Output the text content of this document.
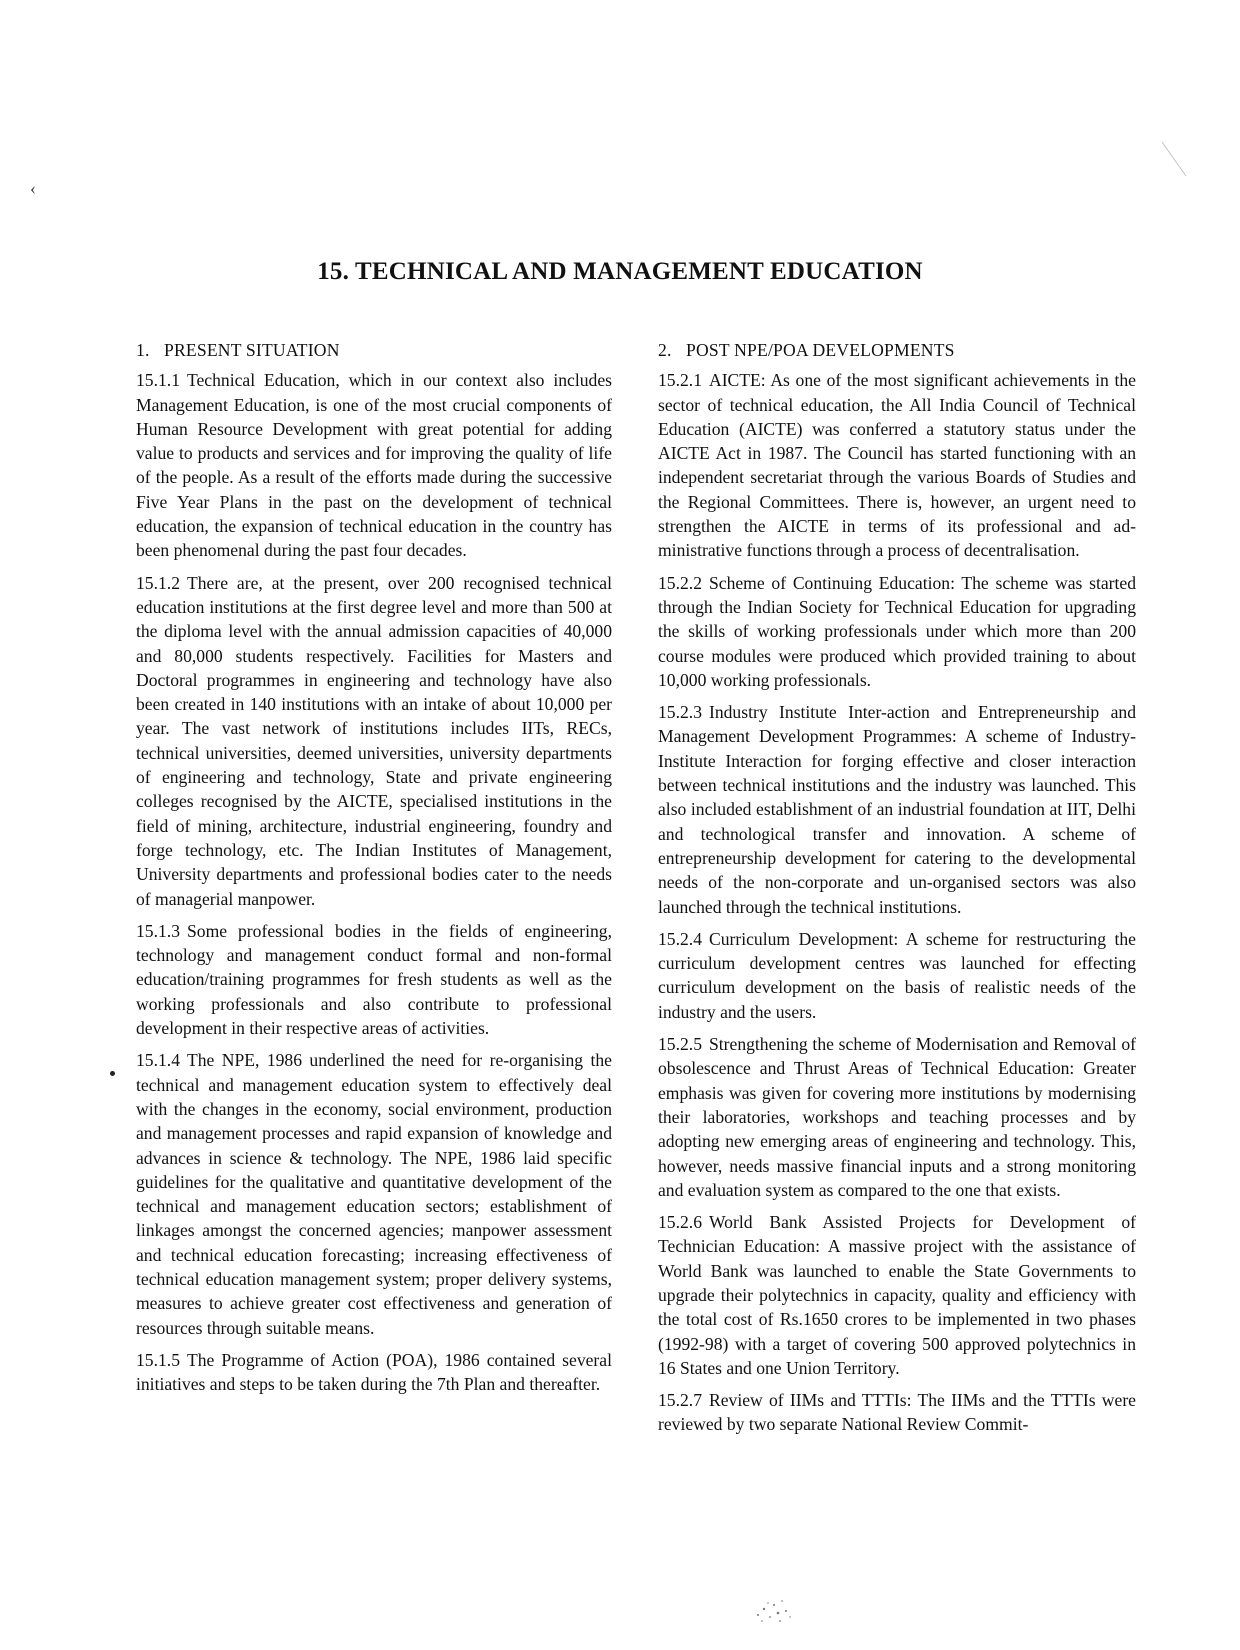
‹
15. TECHNICAL AND MANAGEMENT EDUCATION
1. PRESENT SITUATION

15.1.1 Technical Education, which in our context also includes Management Education, is one of the most crucial components of Human Resource Development with great potential for adding value to products and services and for improving the quality of life of the people. As a result of the efforts made during the successive Five Year Plans in the past on the development of technical education, the expansion of technical education in the country has been phenomenal during the past four decades.

15.1.2 There are, at the present, over 200 recognised technical education institutions at the first degree level and more than 500 at the diploma level with the annual admission capacities of 40,000 and 80,000 students respectively. Facilities for Masters and Doctoral programmes in engineering and technology have also been created in 140 institutions with an intake of about 10,000 per year. The vast network of institutions includes IITs, RECs, technical universities, deemed universities, university departments of engineering and technology, State and private engineering colleges recognised by the AICTE, specialised institutions in the field of mining, architecture, industrial engineering, foundry and forge technology, etc. The Indian Institutes of Management, University departments and professional bodies cater to the needs of managerial manpower.

15.1.3 Some professional bodies in the fields of engineering, technology and management conduct formal and non-formal education/training programmes for fresh students as well as the working professionals and also contribute to professional development in their respective areas of activities.

15.1.4 The NPE, 1986 underlined the need for re-organising the technical and management education system to effectively deal with the changes in the economy, social environment, production and management processes and rapid expansion of knowledge and advances in science & technology. The NPE, 1986 laid specific guidelines for the qualitative and quantitative development of the technical and management education sectors; establishment of linkages amongst the concerned agencies; manpower assessment and technical education forecasting; increasing effectiveness of technical education management system; proper delivery systems, measures to achieve greater cost effectiveness and generation of resources through suitable means.

15.1.5 The Programme of Action (POA), 1986 contained several initiatives and steps to be taken during the 7th Plan and thereafter.

2. POST NPE/POA DEVELOPMENTS

15.2.1 AICTE: As one of the most significant achievements in the sector of technical education, the All India Council of Technical Education (AICTE) was conferred a statutory status under the AICTE Act in 1987. The Council has started functioning with an independent secretariat through the various Boards of Studies and the Regional Committees. There is, however, an urgent need to strengthen the AICTE in terms of its professional and administrative functions through a process of decentralisation.

15.2.2 Scheme of Continuing Education: The scheme was started through the Indian Society for Technical Education for upgrading the skills of working professionals under which more than 200 course modules were produced which provided training to about 10,000 working professionals.

15.2.3 Industry Institute Inter-action and Entrepreneurship and Management Development Programmes: A scheme of Industry-Institute Interaction for forging effective and closer interaction between technical institutions and the industry was launched. This also included establishment of an industrial foundation at IIT, Delhi and technological transfer and innovation. A scheme of entrepreneurship development for catering to the developmental needs of the non-corporate and un-organised sectors was also launched through the technical institutions.

15.2.4 Curriculum Development: A scheme for restructuring the curriculum development centres was launched for effecting curriculum development on the basis of realistic needs of the industry and the users.

15.2.5 Strengthening the scheme of Modernisation and Removal of obsolescence and Thrust Areas of Technical Education: Greater emphasis was given for covering more institutions by modernising their laboratories, workshops and teaching processes and by adopting new emerging areas of engineering and technology. This, however, needs massive financial inputs and a strong monitoring and evaluation system as compared to the one that exists.

15.2.6 World Bank Assisted Projects for Development of Technician Education: A massive project with the assistance of World Bank was launched to enable the State Governments to upgrade their polytechnics in capacity, quality and efficiency with the total cost of Rs.1650 crores to be implemented in two phases (1992-98) with a target of covering 500 approved polytechnics in 16 States and one Union Territory.

15.2.7 Review of IIMs and TTTIs: The IIMs and the TTTIs were reviewed by two separate National Review Commit-
